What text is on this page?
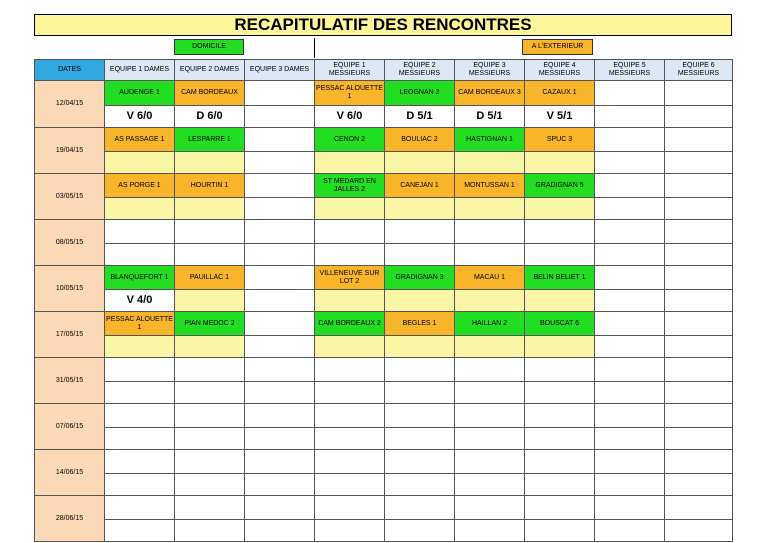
RECAPITULATIF DES RENCONTRES
DOMICILE	A L'EXTERIEUR
DATES	EQUIPE 1 DAMES	EQUIPE 2 DAMES	EQUIPE 3 DAMES	EQUIPE 1 MESSIEURS	EQUIPE 2 MESSIEURS	EQUIPE 3 MESSIEURS	EQUIPE 4 MESSIEURS	EQUIPE 5 MESSIEURS	EQUIPE 6 MESSIEURS
12/04/15	AUDENGE 1	CAM BORDEAUX		PESSAC ALOUETTE 1	LEOGNAN 2	CAM BORDEAUX 3	CAZAUX 1		
	V 6/0	D 6/0		V 6/0	D 5/1	D 5/1	V 5/1		
19/04/15	AS PASSAGE 1	LESPARRE 1		CENON 2	BOULIAC 2	HASTIGNAN 1	SPUC 3		

03/05/15	AS PORGE 1	HOURTIN 1		ST MEDARD EN JALLES 2	CANEJAN 1	MONTUSSAN 1	GRADIGNAN 5		

08/05/15									

10/05/15	BLANQUEFORT 1	PAUILLAC 1		VILLENEUVE SUR LOT 2	GRADIGNAN 3	MACAU 1	BELIN BELIET 1		
	V 4/0								
17/05/15	PESSAC ALOUETTE 1	PIAN MEDOC 2		CAM BORDEAUX 2	BEGLES 1	HAILLAN 2	BOUSCAT 6		

31/05/15									

07/06/15									

14/06/15									

28/06/15									
